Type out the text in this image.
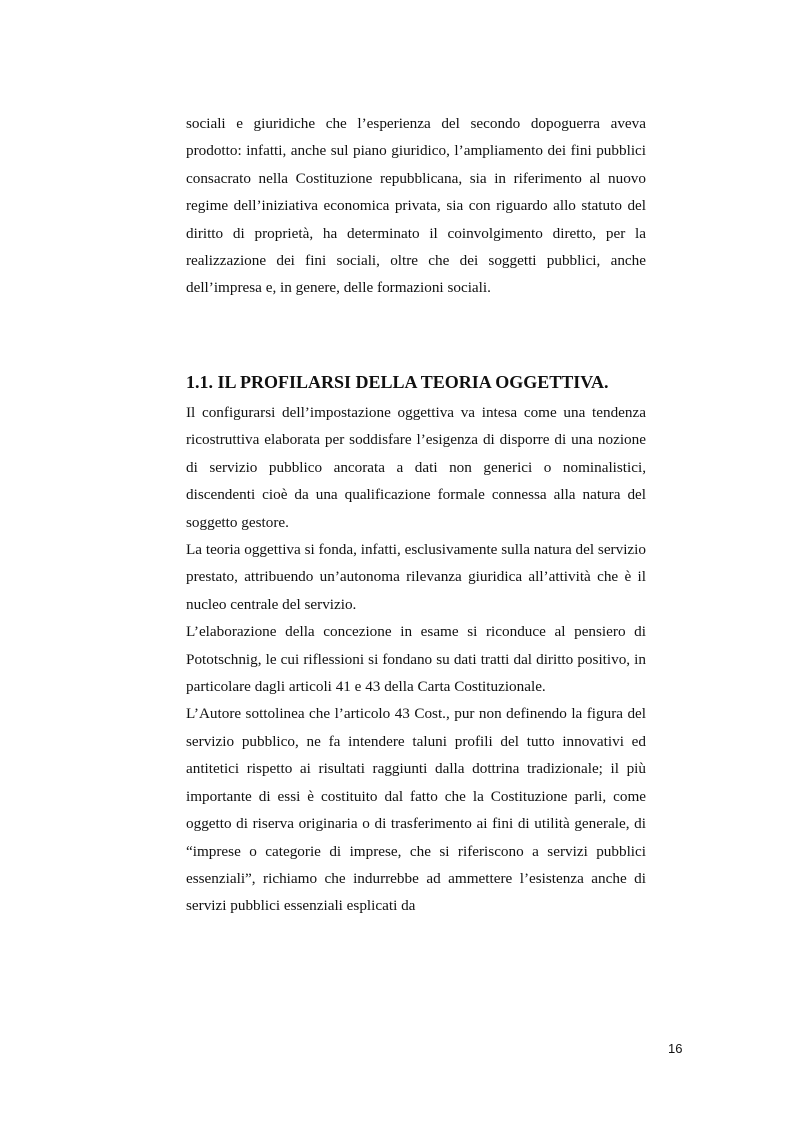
sociali e giuridiche che l’esperienza del secondo dopoguerra aveva prodotto: infatti, anche sul piano giuridico, l’ampliamento dei fini pubblici consacrato nella Costituzione repubblicana, sia in riferimento al nuovo regime dell’iniziativa economica privata, sia con riguardo allo statuto del diritto di proprietà, ha determinato il coinvolgimento diretto, per la realizzazione dei fini sociali, oltre che dei soggetti pubblici, anche dell’impresa e, in genere, delle formazioni sociali.

1.1. IL PROFILARSI DELLA TEORIA OGGETTIVA.

Il configurarsi dell’impostazione oggettiva va intesa come una tendenza ricostruttiva elaborata per soddisfare l’esigenza di disporre di una nozione di servizio pubblico ancorata a dati non generici o nominalistici, discendenti cioè da una qualificazione formale connessa alla natura del soggetto gestore.

La teoria oggettiva si fonda, infatti, esclusivamente sulla natura del servizio prestato, attribuendo un’autonoma rilevanza giuridica all’attività che è il nucleo centrale del servizio.

L’elaborazione della concezione in esame si riconduce al pensiero di Pototschnig, le cui riflessioni si fondano su dati tratti dal diritto positivo, in particolare dagli articoli 41 e 43 della Carta Costituzionale.

L’Autore sottolinea che l’articolo 43 Cost., pur non definendo la figura del servizio pubblico, ne fa intendere taluni profili del tutto innovativi ed antitetici rispetto ai risultati raggiunti dalla dottrina tradizionale; il più importante di essi è costituito dal fatto che la Costituzione parli, come oggetto di riserva originaria o di trasferimento ai fini di utilità generale, di “imprese o categorie di imprese, che si riferiscono a servizi pubblici essenziali”, richiamo che indurrebbe ad ammettere l’esistenza anche di servizi pubblici essenziali esplicati da

16
